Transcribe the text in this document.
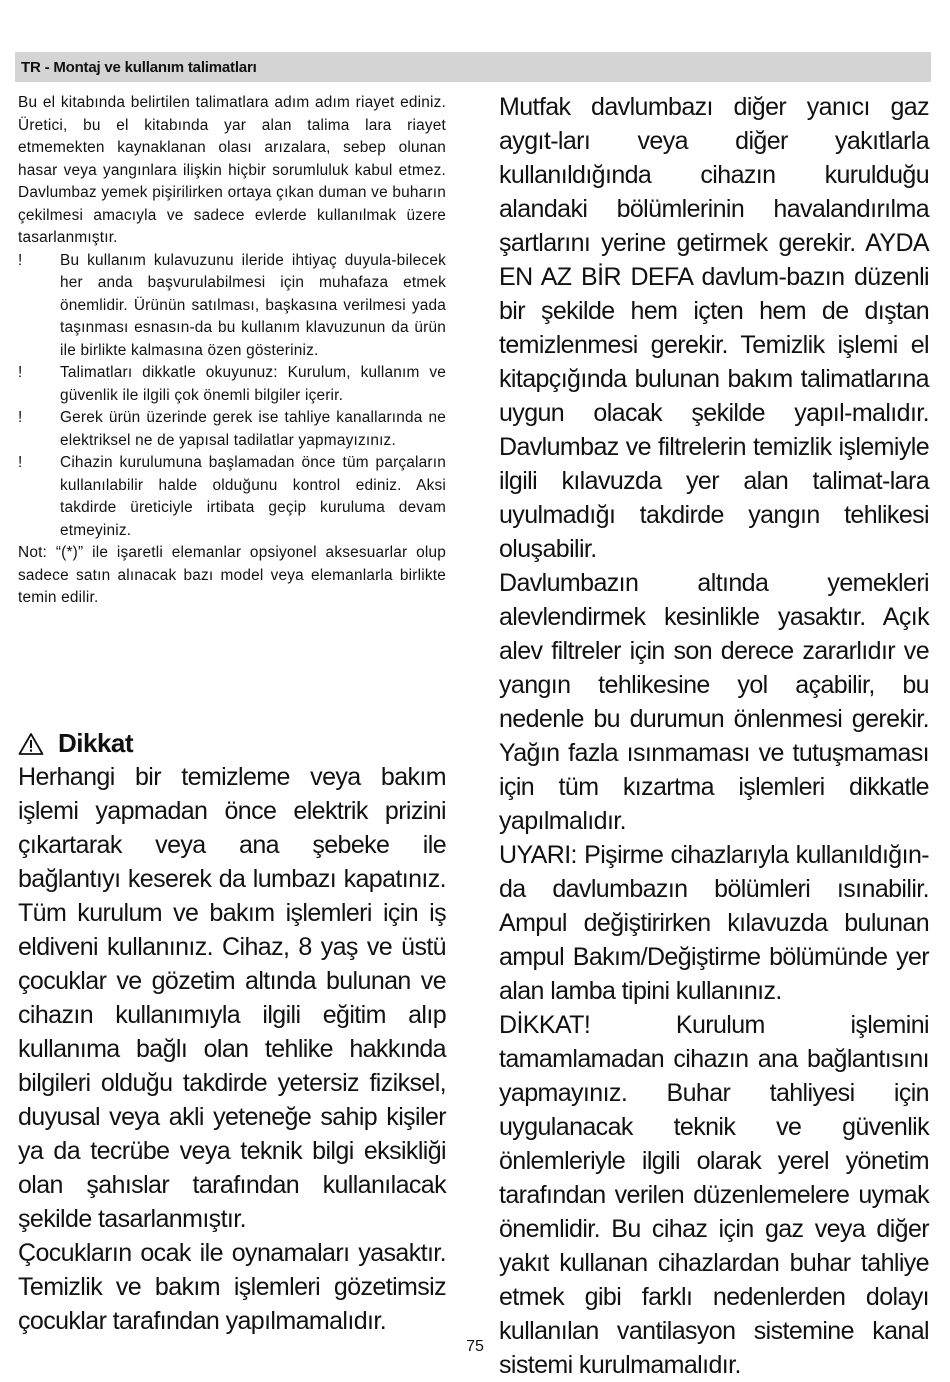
TR - Montaj ve kullanım talimatları

Bu el kitabında belirtilen talimatlara adım adım riayet ediniz. Üretici, bu el kitabında yar alan talima lara riayet etmemekten kaynaklanan olası arızalara, sebep olunan hasar veya yangınlara ilişkin hiçbir sorumluluk kabul etmez. Davlumbaz yemek pişirilirken ortaya çıkan duman ve buharın çekilmesi amacıyla ve sadece evlerde kullanılmak üzere tasarlanmıştır.

!	Bu kullanım kulavuzunu ileride ihtiyaç duyula-bilecek her anda başvurulabilmesi için muhafaza etmek önemlidir. Ürünün satılması, başkasına verilmesi yada taşınması esnasın-da bu kullanım klavuzunun da ürün ile birlikte kalmasına özen gösteriniz.
!	Talimatları dikkatle okuyunuz: Kurulum, kullanım ve güvenlik ile ilgili çok önemli bilgiler içerir.
!	Gerek ürün üzerinde gerek ise tahliye kanallarında ne elektriksel ne de yapısal tadilatlar yapmayızınız.
!	Cihazin kurulumuna başlamadan önce tüm parçaların kullanılabilir halde olduğunu kontrol ediniz. Aksi takdirde üreticiyle irtibata geçip kuruluma devam etmeyiniz.

Not: “(*)” ile işaretli elemanlar opsiyonel aksesuarlar olup sadece satın alınacak bazı model veya elemanlarla birlikte temin edilir.

Dikkat

Herhangi bir temizleme veya bakım işlemi yapmadan önce elektrik prizini çıkartarak veya ana şebeke ile bağlantıyı keserek da lumbazı kapatınız. Tüm kurulum ve bakım işlemleri için iş eldiveni kullanınız. Cihaz, 8 yaş ve üstü çocuklar ve gözetim altında bulunan ve cihazın kullanımıyla ilgili eğitim alıp kullanıma bağlı olan tehlike hakkında bilgileri olduğu takdirde yetersiz fiziksel, duyusal veya akli yeteneğe sahip kişiler ya da tecrübe veya teknik bilgi eksikliği olan şahıslar tarafından kullanılacak şekilde tasarlanmıştır.

Çocukların ocak ile oynamaları yasaktır. Temizlik ve bakım işlemleri gözetimsiz çocuklar tarafından yapılmamalıdır.

Mutfak davlumbazı diğer yanıcı gaz aygıt-ları veya diğer yakıtlarla kullanıldığında cihazın kurulduğu alandaki bölümlerinin havalandırılma şartlarını yerine getirmek gerekir. AYDA EN AZ BİR DEFA davlum-bazın düzenli bir şekilde hem içten hem de dıştan temizlenmesi gerekir. Temizlik işlemi el kitapçığında bulunan bakım talimatlarına uygun olacak şekilde yapıl-malıdır. Davlumbaz ve filtrelerin temizlik işlemiyle ilgili kılavuzda yer alan talimat-lara uyulmadığı takdirde yangın tehlikesi oluşabilir.

Davlumbazın altında yemekleri alevlendirmek kesinlikle yasaktır. Açık alev filtreler için son derece zararlıdır ve yangın tehlikesine yol açabilir, bu nedenle bu durumun önlenmesi gerekir. Yağın fazla ısınmaması ve tutuşmaması için tüm kızartma işlemleri dikkatle yapılmalıdır.

UYARI: Pişirme cihazlarıyla kullanıldığın-da davlumbazın bölümleri ısınabilir. Ampul değiştirirken kılavuzda bulunan ampul Bakım/Değiştirme bölümünde yer alan lamba tipini kullanınız.

DİKKAT! Kurulum işlemini tamamlamadan cihazın ana bağlantısını yapmayınız. Buhar tahliyesi için uygulanacak teknik ve güvenlik önlemleriyle ilgili olarak yerel yönetim tarafından verilen düzenlemelere uymak önemlidir. Bu cihaz için gaz veya diğer yakıt kullanan cihazlardan buhar tahliye etmek gibi farklı nedenlerden dolayı kullanılan vantilasyon sistemine kanal sistemi kurulmamalıdır.

75
